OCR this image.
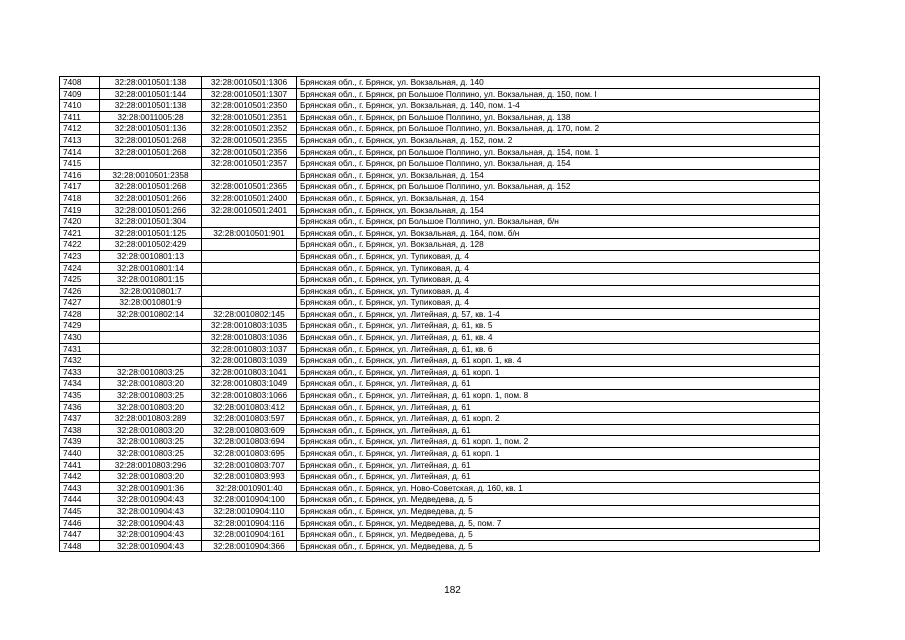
7408	32:28:0010501:138	32:28:0010501:1306	Брянская обл., г. Брянск, ул. Вокзальная, д. 140
7409	32:28:0010501:144	32:28:0010501:1307	Брянская обл., г. Брянск, рп Большое Полпино, ул. Вокзальная, д. 150, пом. I
7410	32:28:0010501:138	32:28:0010501:2350	Брянская обл., г. Брянск, ул. Вокзальная, д. 140, пом. 1-4
7411	32:28:0011005:28	32:28:0010501:2351	Брянская обл., г. Брянск, рп Большое Полпино, ул. Вокзальная, д. 138
7412	32:28:0010501:136	32:28:0010501:2352	Брянская обл., г. Брянск, рп Большое Полпино, ул. Вокзальная, д. 170, пом. 2
7413	32:28:0010501:268	32:28:0010501:2355	Брянская обл., г. Брянск, ул. Вокзальная, д. 152, пом. 2
7414	32:28:0010501:268	32:28:0010501:2356	Брянская обл., г. Брянск, рп Большое Полпино, ул. Вокзальная, д. 154, пом. 1
7415		32:28:0010501:2357	Брянская обл., г. Брянск, рп Большое Полпино, ул. Вокзальная, д. 154
7416	32:28:0010501:2358		Брянская обл., г. Брянск, ул. Вокзальная, д. 154
7417	32:28:0010501:268	32:28:0010501:2365	Брянская обл., г. Брянск, рп Большое Полпино, ул. Вокзальная, д. 152
7418	32:28:0010501:266	32:28:0010501:2400	Брянская обл., г. Брянск, ул. Вокзальная, д. 154
7419	32:28:0010501:266	32:28:0010501:2401	Брянская обл., г. Брянск, ул. Вокзальная, д. 154
7420	32:28:0010501:304		Брянская обл., г. Брянск, рп Большое Полпино, ул. Вокзальная, б/н
7421	32:28:0010501:125	32:28:0010501:901	Брянская обл., г. Брянск, ул. Вокзальная, д. 164, пом. б/н
7422	32:28:0010502:429		Брянская обл., г. Брянск, ул. Вокзальная, д. 128
7423	32:28:0010801:13		Брянская обл., г. Брянск, ул. Тупиковая, д. 4
7424	32:28:0010801:14		Брянская обл., г. Брянск, ул. Тупиковая, д. 4
7425	32:28:0010801:15		Брянская обл., г. Брянск, ул. Тупиковая, д. 4
7426	32:28:0010801:7		Брянская обл., г. Брянск, ул. Тупиковая, д. 4
7427	32:28:0010801:9		Брянская обл., г. Брянск, ул. Тупиковая, д. 4
7428	32:28:0010802:14	32:28:0010802:145	Брянская обл., г. Брянск, ул. Литейная, д. 57, кв. 1-4
7429		32:28:0010803:1035	Брянская обл., г. Брянск, ул. Литейная, д. 61, кв. 5
7430		32:28:0010803:1036	Брянская обл., г. Брянск, ул. Литейная, д. 61, кв. 4
7431		32:28:0010803:1037	Брянская обл., г. Брянск, ул. Литейная, д. 61, кв. 6
7432		32:28:0010803:1039	Брянская обл., г. Брянск, ул. Литейная, д. 61 корп. 1, кв. 4
7433	32:28:0010803:25	32:28:0010803:1041	Брянская обл., г. Брянск, ул. Литейная, д. 61 корп. 1
7434	32:28:0010803:20	32:28:0010803:1049	Брянская обл., г. Брянск, ул. Литейная, д. 61
7435	32:28:0010803:25	32:28:0010803:1066	Брянская обл., г. Брянск, ул. Литейная, д. 61 корп. 1, пом. 8
7436	32:28:0010803:20	32:28:0010803:412	Брянская обл., г. Брянск, ул. Литейная, д. 61
7437	32:28:0010803:289	32:28:0010803:597	Брянская обл., г. Брянск, ул. Литейная, д. 61 корп. 2
7438	32:28:0010803:20	32:28:0010803:609	Брянская обл., г. Брянск, ул. Литейная, д. 61
7439	32:28:0010803:25	32:28:0010803:694	Брянская обл., г. Брянск, ул. Литейная, д. 61 корп. 1, пом. 2
7440	32:28:0010803:25	32:28:0010803:695	Брянская обл., г. Брянск, ул. Литейная, д. 61 корп. 1
7441	32:28:0010803:296	32:28:0010803:707	Брянская обл., г. Брянск, ул. Литейная, д. 61
7442	32:28:0010803:20	32:28:0010803:993	Брянская обл., г. Брянск, ул. Литейная, д. 61
7443	32:28:0010901:36	32:28:0010901:40	Брянская обл., г. Брянск, ул. Ново-Советская, д. 160, кв. 1
7444	32:28:0010904:43	32:28:0010904:100	Брянская обл., г. Брянск, ул. Медведева, д. 5
7445	32:28:0010904:43	32:28:0010904:110	Брянская обл., г. Брянск, ул. Медведева, д. 5
7446	32:28:0010904:43	32:28:0010904:116	Брянская обл., г. Брянск, ул. Медведева, д. 5, пом. 7
7447	32:28:0010904:43	32:28:0010904:161	Брянская обл., г. Брянск, ул. Медведева, д. 5
7448	32:28:0010904:43	32:28:0010904:366	Брянская обл., г. Брянск, ул. Медведева, д. 5
182
